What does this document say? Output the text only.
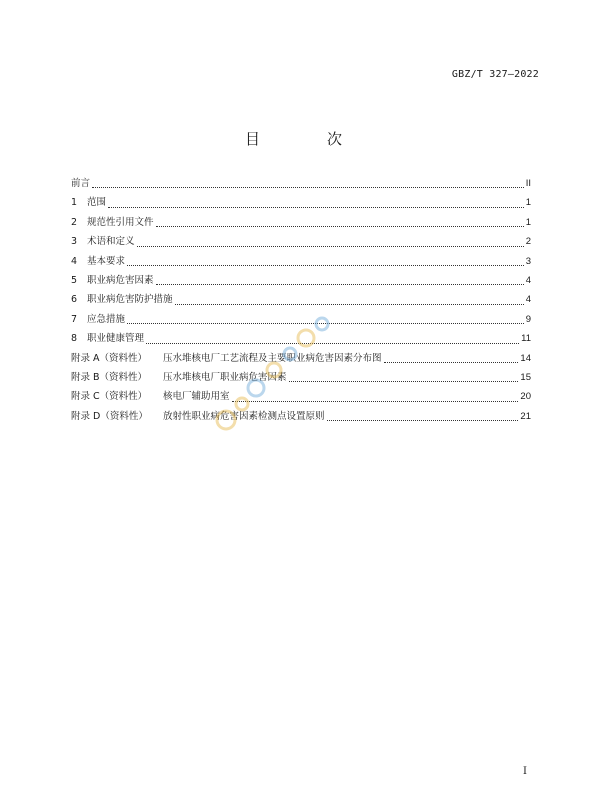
GBZ/T 327—2022
目　次
前言	II
1	范围	1
2	规范性引用文件	1
3	术语和定义	2
4	基本要求	3
5	职业病危害因素	4
6	职业病危害防护措施	4
7	应急措施	9
8	职业健康管理	11
附录 A（资料性）	压水堆核电厂工艺流程及主要职业病危害因素分布图	14
附录 B（资料性）	压水堆核电厂职业病危害因素	15
附录 C（资料性）	核电厂辅助用室	20
附录 D（资料性）	放射性职业病危害因素检测点设置原则	21
I
